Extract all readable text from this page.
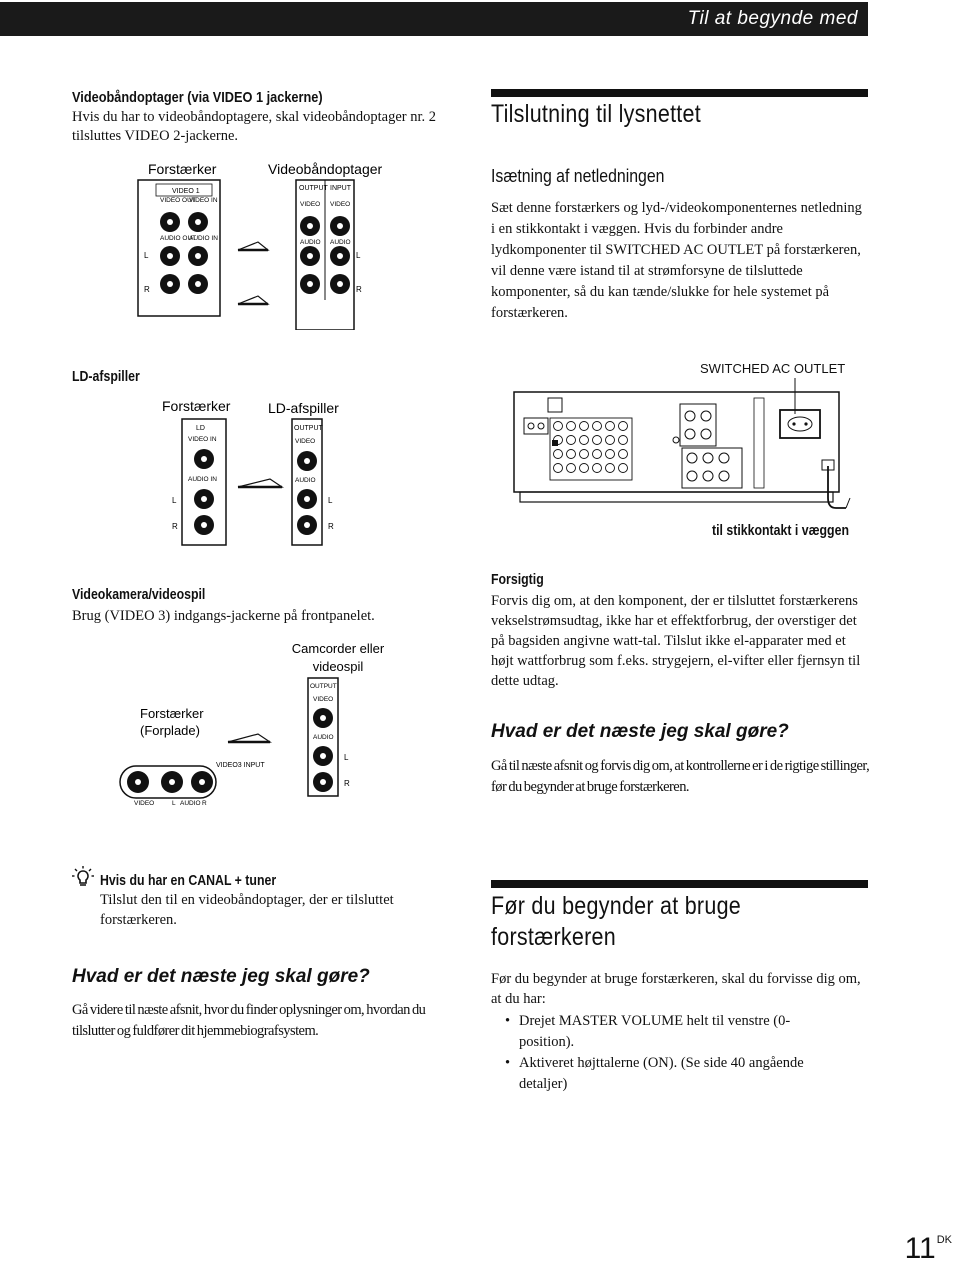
Til at begynde med
Videobåndoptager (via VIDEO 1 jackerne)
Hvis du har to videobåndoptagere, skal videobåndoptager nr. 2 tilsluttes VIDEO 2-jackerne.
Forstærker	Videobåndoptager
VIDEO 1
VIDEO OUT
VIDEO IN
AUDIO OUT
AUDIO IN
L
R
OUTPUT INPUT
VIDEO VIDEO
AUDIO AUDIO
L
R
Tilslutning til lysnettet
Isætning af netledningen
Sæt denne forstærkers og lyd-/videokomponenternes netledning i en stikkontakt i væggen. Hvis du forbinder andre lydkomponenter til SWITCHED AC OUTLET på forstærkeren, vil denne være istand til at strømforsyne de tilsluttede komponenter, så du kan tænde/slukke for hele systemet på forstærkeren.
LD-afspiller
Forstærker	LD-afspiller
LD
VIDEO IN
AUDIO IN
L
R
OUTPUT
VIDEO
AUDIO
L
R
SWITCHED AC OUTLET
til stikkontakt i væggen
Videokamera/videospil
Brug (VIDEO 3) indgangs-jackerne på frontpanelet.
Camcorder eller
videospil
Forstærker
(Forplade)
OUTPUT
VIDEO
AUDIO
L
R
VIDEO3 INPUT
VIDEO	L AUDIO R
Forsigtig
Forvis dig om, at den komponent, der er tilsluttet forstærkerens vekselstrømsudtag, ikke har et effektforbrug, der overstiger det på bagsiden angivne watt-tal. Tilslut ikke el-apparater med et højt wattforbrug som f.eks. strygejern, el-vifter eller fjernsyn til dette udtag.
Hvad er det næste jeg skal gøre?
Gå til næste afsnit og forvis dig om, at kontrollerne er i de rigtige stillinger, før du begynder at bruge forstærkeren.
Hvis du har en CANAL + tuner
Tilslut den til en videobåndoptager, der er tilsluttet forstærkeren.
Hvad er det næste jeg skal gøre?
Gå videre til næste afsnit, hvor du finder oplysninger om, hvordan du tilslutter og fuldfører dit hjemmebiografsystem.
Før du begynder at bruge forstærkeren
Før du begynder at bruge forstærkeren, skal du forvisse dig om, at du har:
• Drejet MASTER VOLUME helt til venstre (0-position).
• Aktiveret højttalerne (ON). (Se side 40 angående detaljer)
$11^{DK}$
